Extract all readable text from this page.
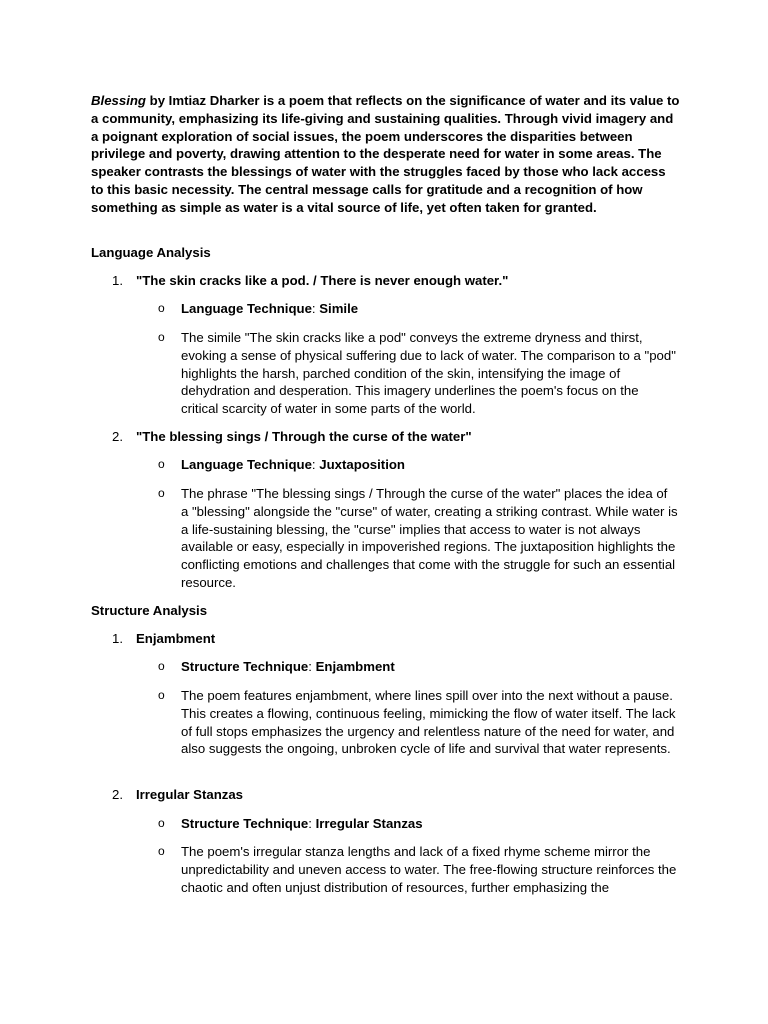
Blessing by Imtiaz Dharker is a poem that reflects on the significance of water and its value to a community, emphasizing its life-giving and sustaining qualities. Through vivid imagery and a poignant exploration of social issues, the poem underscores the disparities between privilege and poverty, drawing attention to the desperate need for water in some areas. The speaker contrasts the blessings of water with the struggles faced by those who lack access to this basic necessity. The central message calls for gratitude and a recognition of how something as simple as water is a vital source of life, yet often taken for granted.

Language Analysis

1. "The skin cracks like a pod. / There is never enough water."

o Language Technique: Simile
o The simile "The skin cracks like a pod" conveys the extreme dryness and thirst, evoking a sense of physical suffering due to lack of water. The comparison to a "pod" highlights the harsh, parched condition of the skin, intensifying the image of dehydration and desperation. This imagery underlines the poem's focus on the critical scarcity of water in some parts of the world.

2. "The blessing sings / Through the curse of the water"

o Language Technique: Juxtaposition
o The phrase "The blessing sings / Through the curse of the water" places the idea of a "blessing" alongside the "curse" of water, creating a striking contrast. While water is a life-sustaining blessing, the "curse" implies that access to water is not always available or easy, especially in impoverished regions. The juxtaposition highlights the conflicting emotions and challenges that come with the struggle for such an essential resource.

Structure Analysis

1. Enjambment

o Structure Technique: Enjambment
o The poem features enjambment, where lines spill over into the next without a pause. This creates a flowing, continuous feeling, mimicking the flow of water itself. The lack of full stops emphasizes the urgency and relentless nature of the need for water, and also suggests the ongoing, unbroken cycle of life and survival that water represents.

2. Irregular Stanzas

o Structure Technique: Irregular Stanzas
o The poem's irregular stanza lengths and lack of a fixed rhyme scheme mirror the unpredictability and uneven access to water. The free-flowing structure reinforces the chaotic and often unjust distribution of resources, further emphasizing the
